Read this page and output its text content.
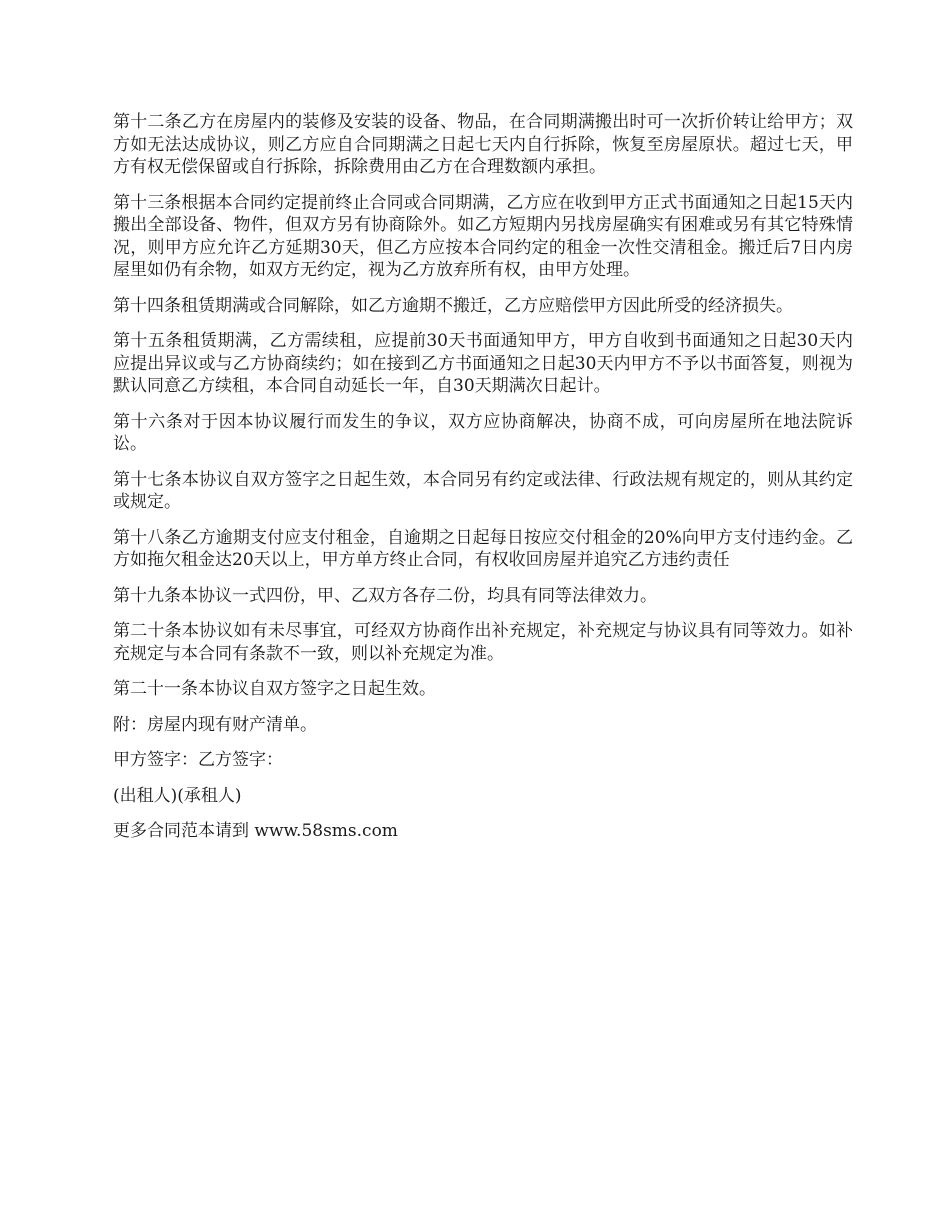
第十二条乙方在房屋内的装修及安装的设备、物品，在合同期满搬出时可一次折价转让给甲方；双方如无法达成协议，则乙方应自合同期满之日起七天内自行拆除，恢复至房屋原状。超过七天，甲方有权无偿保留或自行拆除，拆除费用由乙方在合理数额内承担。

第十三条根据本合同约定提前终止合同或合同期满，乙方应在收到甲方正式书面通知之日起15天内搬出全部设备、物件，但双方另有协商除外。如乙方短期内另找房屋确实有困难或另有其它特殊情况，则甲方应允许乙方延期30天，但乙方应按本合同约定的租金一次性交清租金。搬迁后7日内房屋里如仍有余物，如双方无约定，视为乙方放弃所有权，由甲方处理。

第十四条租赁期满或合同解除，如乙方逾期不搬迁，乙方应赔偿甲方因此所受的经济损失。

第十五条租赁期满，乙方需续租，应提前30天书面通知甲方，甲方自收到书面通知之日起30天内应提出异议或与乙方协商续约；如在接到乙方书面通知之日起30天内甲方不予以书面答复，则视为默认同意乙方续租，本合同自动延长一年，自30天期满次日起计。

第十六条对于因本协议履行而发生的争议，双方应协商解决，协商不成，可向房屋所在地法院诉讼。

第十七条本协议自双方签字之日起生效，本合同另有约定或法律、行政法规有规定的，则从其约定或规定。

第十八条乙方逾期支付应支付租金，自逾期之日起每日按应交付租金的20%向甲方支付违约金。乙方如拖欠租金达20天以上，甲方单方终止合同，有权收回房屋并追究乙方违约责任

第十九条本协议一式四份，甲、乙双方各存二份，均具有同等法律效力。

第二十条本协议如有未尽事宜，可经双方协商作出补充规定，补充规定与协议具有同等效力。如补充规定与本合同有条款不一致，则以补充规定为准。

第二十一条本协议自双方签字之日起生效。

附：房屋内现有财产清单。

甲方签字：乙方签字：

(出租人)(承租人)

更多合同范本请到 www.58sms.com
